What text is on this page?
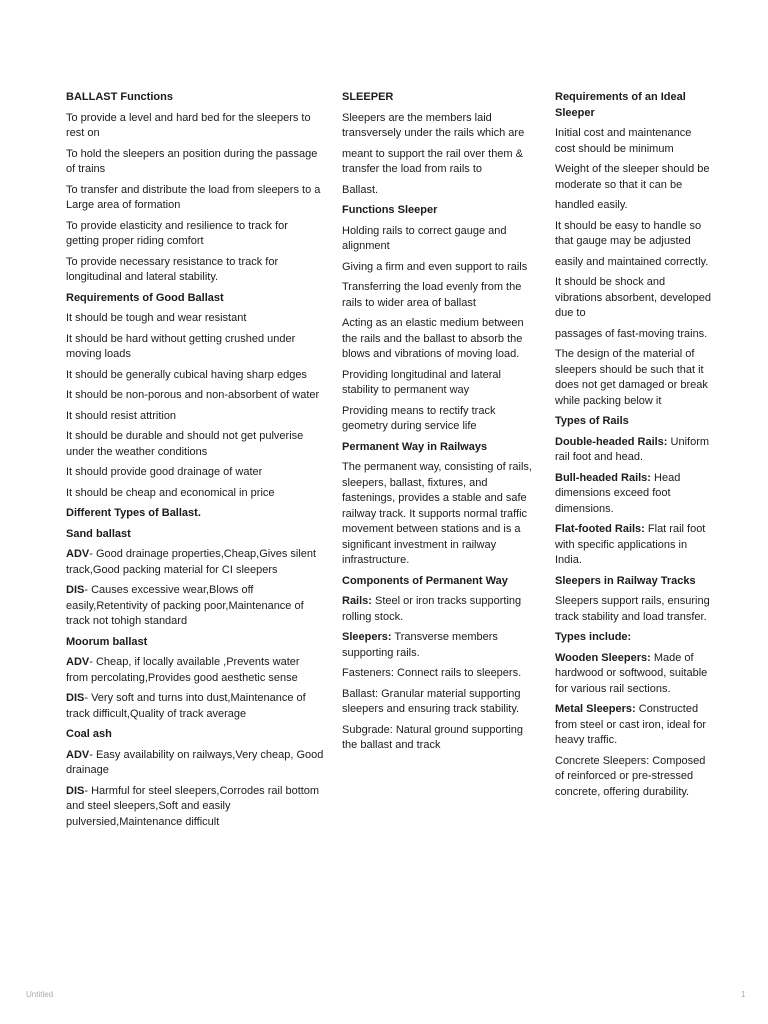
BALLAST Functions
To provide a level and hard bed for the sleepers to rest on
To hold the sleepers an position during the passage of trains
To transfer and distribute the load from sleepers to a Large area of formation
To provide elasticity and resilience to track for getting proper riding comfort
To provide necessary resistance to track for longitudinal and lateral stability.
Requirements of Good Ballast
It should be tough and wear resistant
It should be hard without getting crushed under moving loads
It should be generally cubical having sharp edges
It should be non-porous and non-absorbent of water
It should resist attrition
It should be durable and should not get pulverise under the weather conditions
It should provide good drainage of water
It should be cheap and economical in price
Different Types of Ballast.
Sand ballast
ADV- Good drainage properties,Cheap,Gives silent track,Good packing material for CI sleepers
DIS- Causes excessive wear,Blows off easily,Retentivity of packing poor,Maintenance of track not tohigh standard
Moorum ballast
ADV- Cheap, if locally available ,Prevents water from percolating,Provides good aesthetic sense
DIS- Very soft and turns into dust,Maintenance of track difficult,Quality of track average
Coal ash
ADV- Easy availability on railways,Very cheap, Good drainage
DIS- Harmful for steel sleepers,Corrodes rail bottom and steel sleepers,Soft and easily pulversied,Maintenance difficult
SLEEPER
Sleepers are the members laid transversely under the rails which are
meant to support the rail over them & transfer the load from rails to
Ballast.
Functions Sleeper
Holding rails to correct gauge and alignment
Giving a firm and even support to rails
Transferring the load evenly from the rails to wider area of ballast
Acting as an elastic medium between the rails and the ballast to absorb the blows and vibrations of moving load.
Providing longitudinal and lateral stability to permanent way
Providing means to rectify track geometry during service life
Permanent Way in Railways
The permanent way, consisting of rails, sleepers, ballast, fixtures, and fastenings, provides a stable and safe railway track. It supports normal traffic movement between stations and is a significant investment in railway infrastructure.
Components of Permanent Way
Rails: Steel or iron tracks supporting rolling stock.
Sleepers: Transverse members supporting rails.
Fasteners: Connect rails to sleepers.
Ballast: Granular material supporting sleepers and ensuring track stability.
Subgrade: Natural ground supporting the ballast and track
Requirements of an Ideal Sleeper
Initial cost and maintenance cost should be minimum
Weight of the sleeper should be moderate so that it can be
handled easily.
It should be easy to handle so that gauge may be adjusted
easily and maintained correctly.
It should be shock and vibrations absorbent, developed due to
passages of fast-moving trains.
The design of the material of sleepers should be such that it does not get damaged or break while packing below it
Types of Rails
Double-headed Rails: Uniform rail foot and head.
Bull-headed Rails: Head dimensions exceed foot dimensions.
Flat-footed Rails: Flat rail foot with specific applications in India.
Sleepers in Railway Tracks
Sleepers support rails, ensuring track stability and load transfer.
Types include:
Wooden Sleepers: Made of hardwood or softwood, suitable for various rail sections.
Metal Sleepers: Constructed from steel or cast iron, ideal for heavy traffic.
Concrete Sleepers: Composed of reinforced or pre-stressed concrete, offering durability.
Untitled	1
